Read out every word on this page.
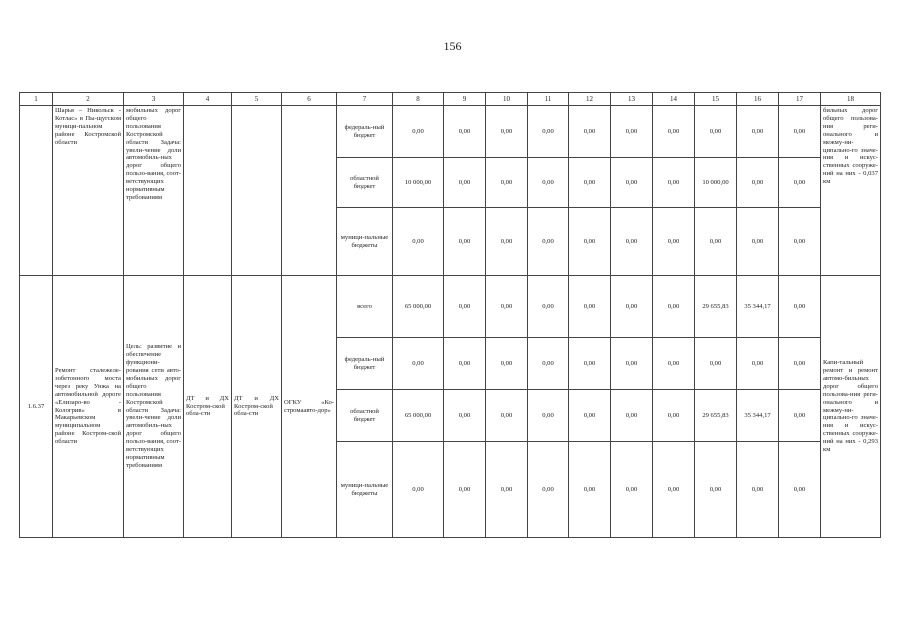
156
1	2	3	4	5	6	7	8	9	10	11	12	13	14	15	16	17	18
	Шарья – Никольск - Котлас» в Пы-щугском муници-пальном районе Костромской области	мобильных дорог общего пользования Костромской области Задача: увели-чение доли автомобиль-ных дорог общего пользо-вания, соот-ветствующих нормативным требованиям				федераль-ный бюджет	0,00	0,00	0,00	0,00	0,00	0,00	0,00	0,00	0,00	0,00	бильных дорог общего пользова-ния реги-онального и межму-ни-ципально-го значе-ния и искус-ственных сооруже-ний на них - 0,037 км
						областной бюджет	10 000,00	0,00	0,00	0,00	0,00	0,00	0,00	10 000,00	0,00	0,00	
						муници-пальные бюджеты	0,00	0,00	0,00	0,00	0,00	0,00	0,00	0,00	0,00	0,00	
1.6.37	Ремонт сталежеле-зобетонного моста через реку Унжа на автомобильной дороге «Елизаро-во - Кологрив» в Макарьевском муниципальном районе Костром-ской области	Цель: развитие и обеспечение функциони-рования сети авто-мобильных дорог общего пользования Костромской области Задача: увели-чение доли автомобиль-ных дорог общего пользо-вания, соот-ветствующих нормативным требованиям	ДТ и ДХ Костром-ской обла-сти	ДТ и ДХ Костром-ской обла-сти	ОГКУ «Ко-стромаавто-дор»	всего	65 000,00	0,00	0,00	0,00	0,00	0,00	0,00	29 655,83	35 344,17	0,00	Капи-тальный ремонт и ремонт автомо-бильных дорог общего пользова-ния реги-онального и межму-ни-ципально-го значе-ния и искус-ственных сооруже-ний на них - 0,293 км
						федераль-ный бюджет	0,00	0,00	0,00	0,00	0,00	0,00	0,00	0,00	0,00	0,00	
						областной бюджет	65 000,00	0,00	0,00	0,00	0,00	0,00	0,00	29 655,83	35 344,17	0,00	
						муници-пальные бюджеты	0,00	0,00	0,00	0,00	0,00	0,00	0,00	0,00	0,00	0,00	
